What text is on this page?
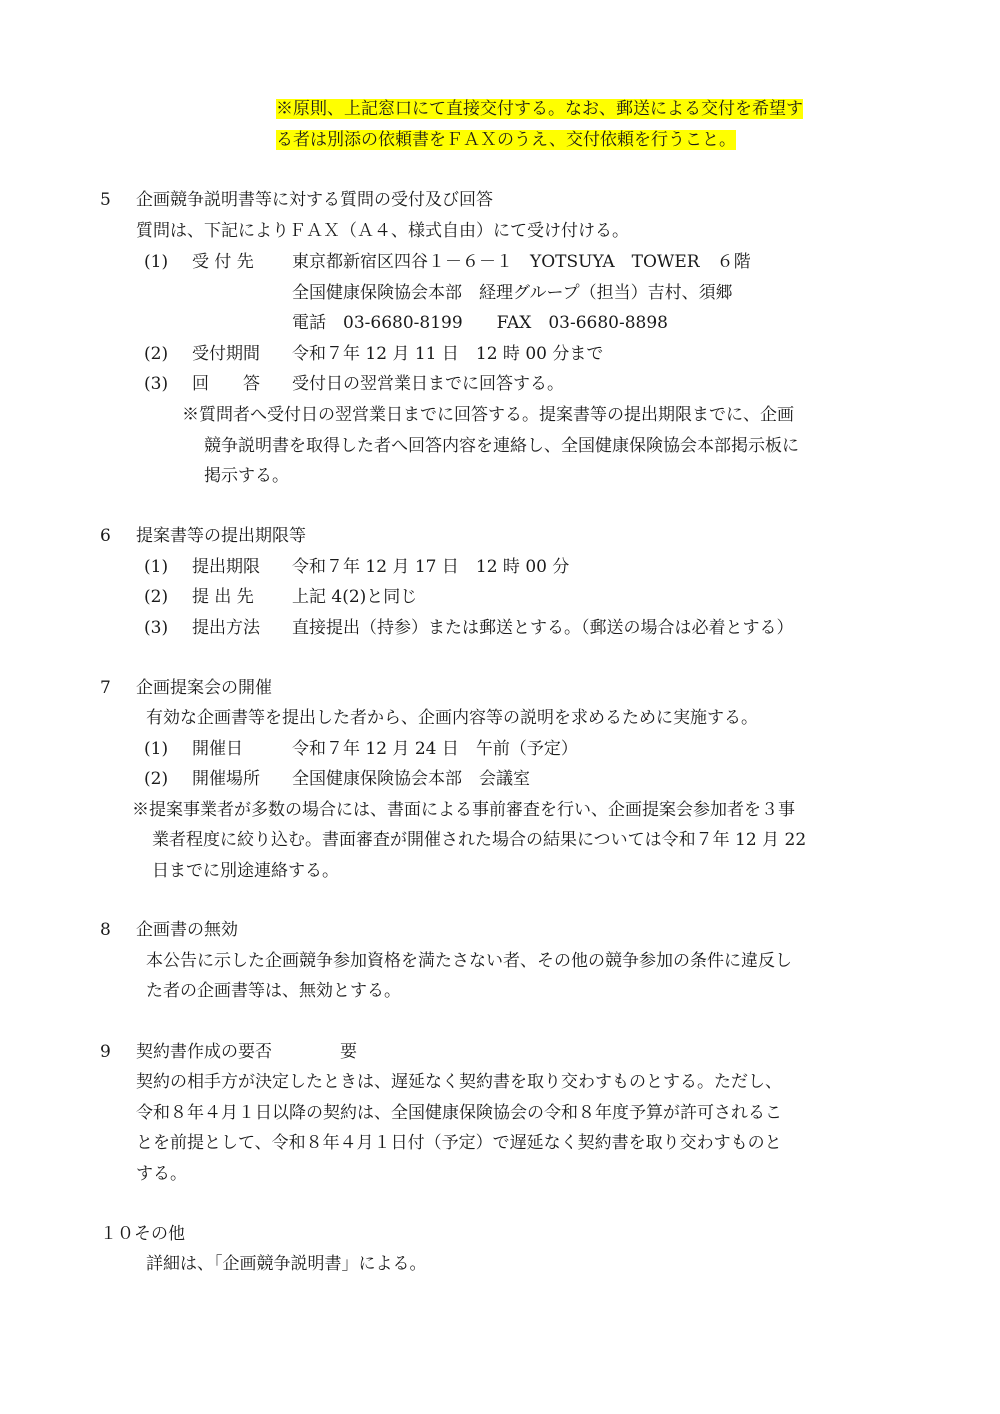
※原則、上記窓口にて直接交付する。なお、郵送による交付を希望す
る者は別添の依頼書をＦＡＸのうえ、交付依頼を行うこと。
5 企画競争説明書等に対する質問の受付及び回答
質問は、下記によりＦＡＸ（Ａ４、様式自由）にて受け付ける。
(1) 受 付 先 東京都新宿区四谷１－６－１　YOTSUYA　TOWER　６階
全国健康保険協会本部　経理グループ（担当）吉村、須郷
電話　03-6680-8199　　FAX　03-6680-8898
(2) 受付期間 令和７年 12 月 11 日　12 時 00 分まで
(3) 回　　答 受付日の翌営業日までに回答する。
※質問者へ受付日の翌営業日までに回答する。提案書等の提出期限までに、企画
競争説明書を取得した者へ回答内容を連絡し、全国健康保険協会本部掲示板に
掲示する。
6 提案書等の提出期限等
(1) 提出期限 令和７年 12 月 17 日　12 時 00 分
(2) 提 出 先 上記 4(2)と同じ
(3) 提出方法 直接提出（持参）または郵送とする。（郵送の場合は必着とする）
7 企画提案会の開催
有効な企画書等を提出した者から、企画内容等の説明を求めるために実施する。
(1) 開催日	令和７年 12 月 24 日　午前（予定）
(2) 開催場所 全国健康保険協会本部　会議室
※提案事業者が多数の場合には、書面による事前審査を行い、企画提案会参加者を３事
業者程度に絞り込む。書面審査が開催された場合の結果については令和７年 12 月 22
日までに別途連絡する。
8 企画書の無効
本公告に示した企画競争参加資格を満たさない者、その他の競争参加の条件に違反し
た者の企画書等は、無効とする。
9 契約書作成の要否	要
契約の相手方が決定したときは、遅延なく契約書を取り交わすものとする。ただし、
令和８年４月１日以降の契約は、全国健康保険協会の令和８年度予算が許可されるこ
とを前提として、令和８年４月１日付（予定）で遅延なく契約書を取り交わすものと
する。
１０その他
詳細は、「企画競争説明書」による。
